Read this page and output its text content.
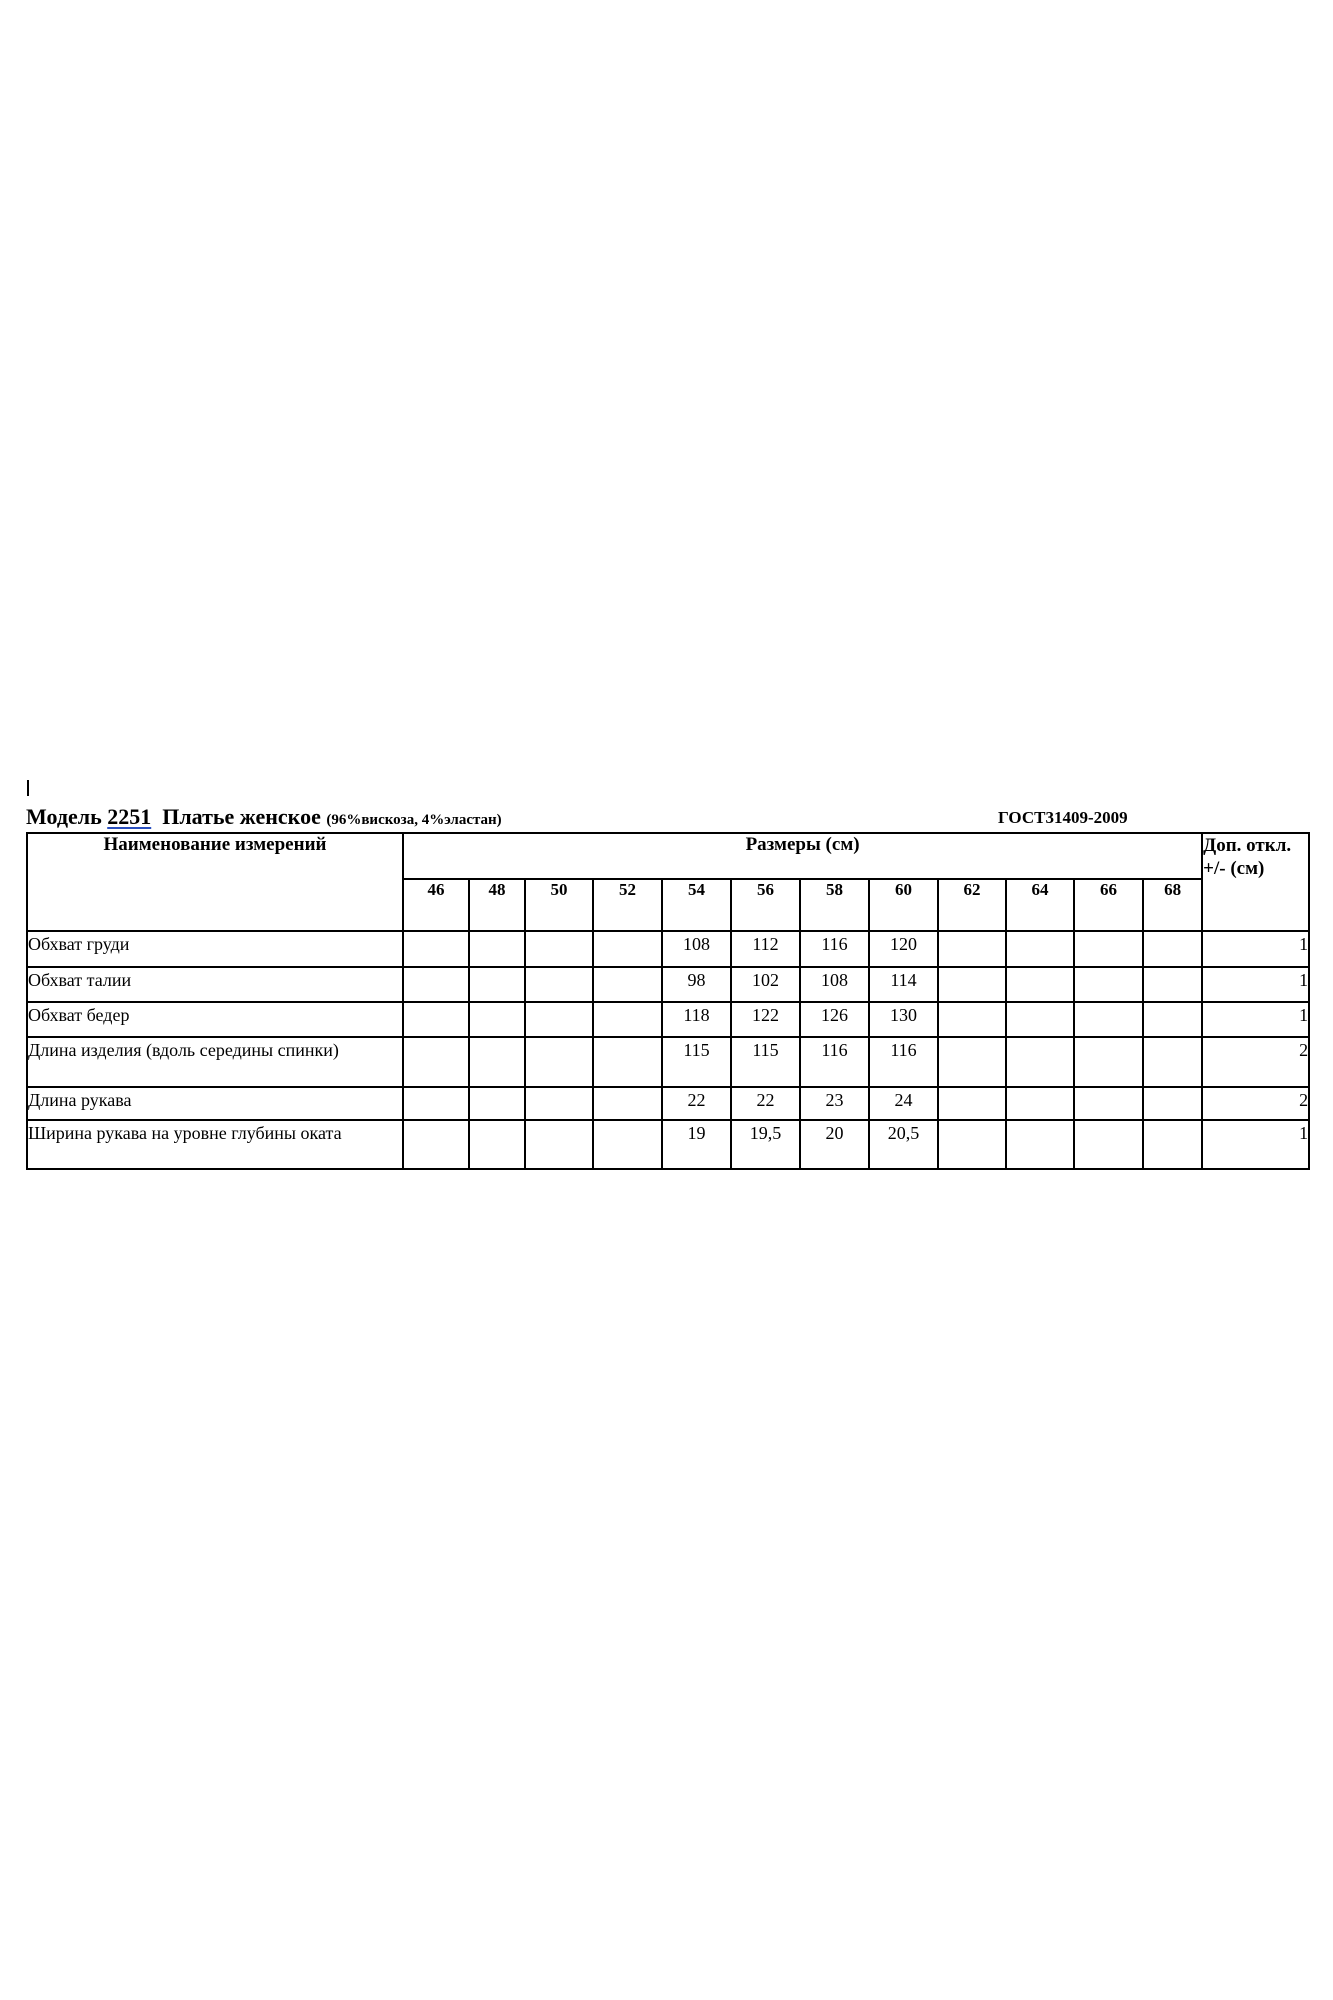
Модель 2251  Платье женское (96%вискоза, 4%эластан)	ГОСТ31409-2009
Наименование измерений	Размеры (см)												Доп. откл. +/- (см)
	46	48	50	52	54	56	58	60	62	64	66	68	
Обхват груди					108	112	116	120					1
Обхват талии					98	102	108	114					1
Обхват бедер					118	122	126	130					1
Длина изделия (вдоль середины спинки)					115	115	116	116					2
Длина рукава					22	22	23	24					2
Ширина рукава на уровне глубины оката					19	19,5	20	20,5					1
